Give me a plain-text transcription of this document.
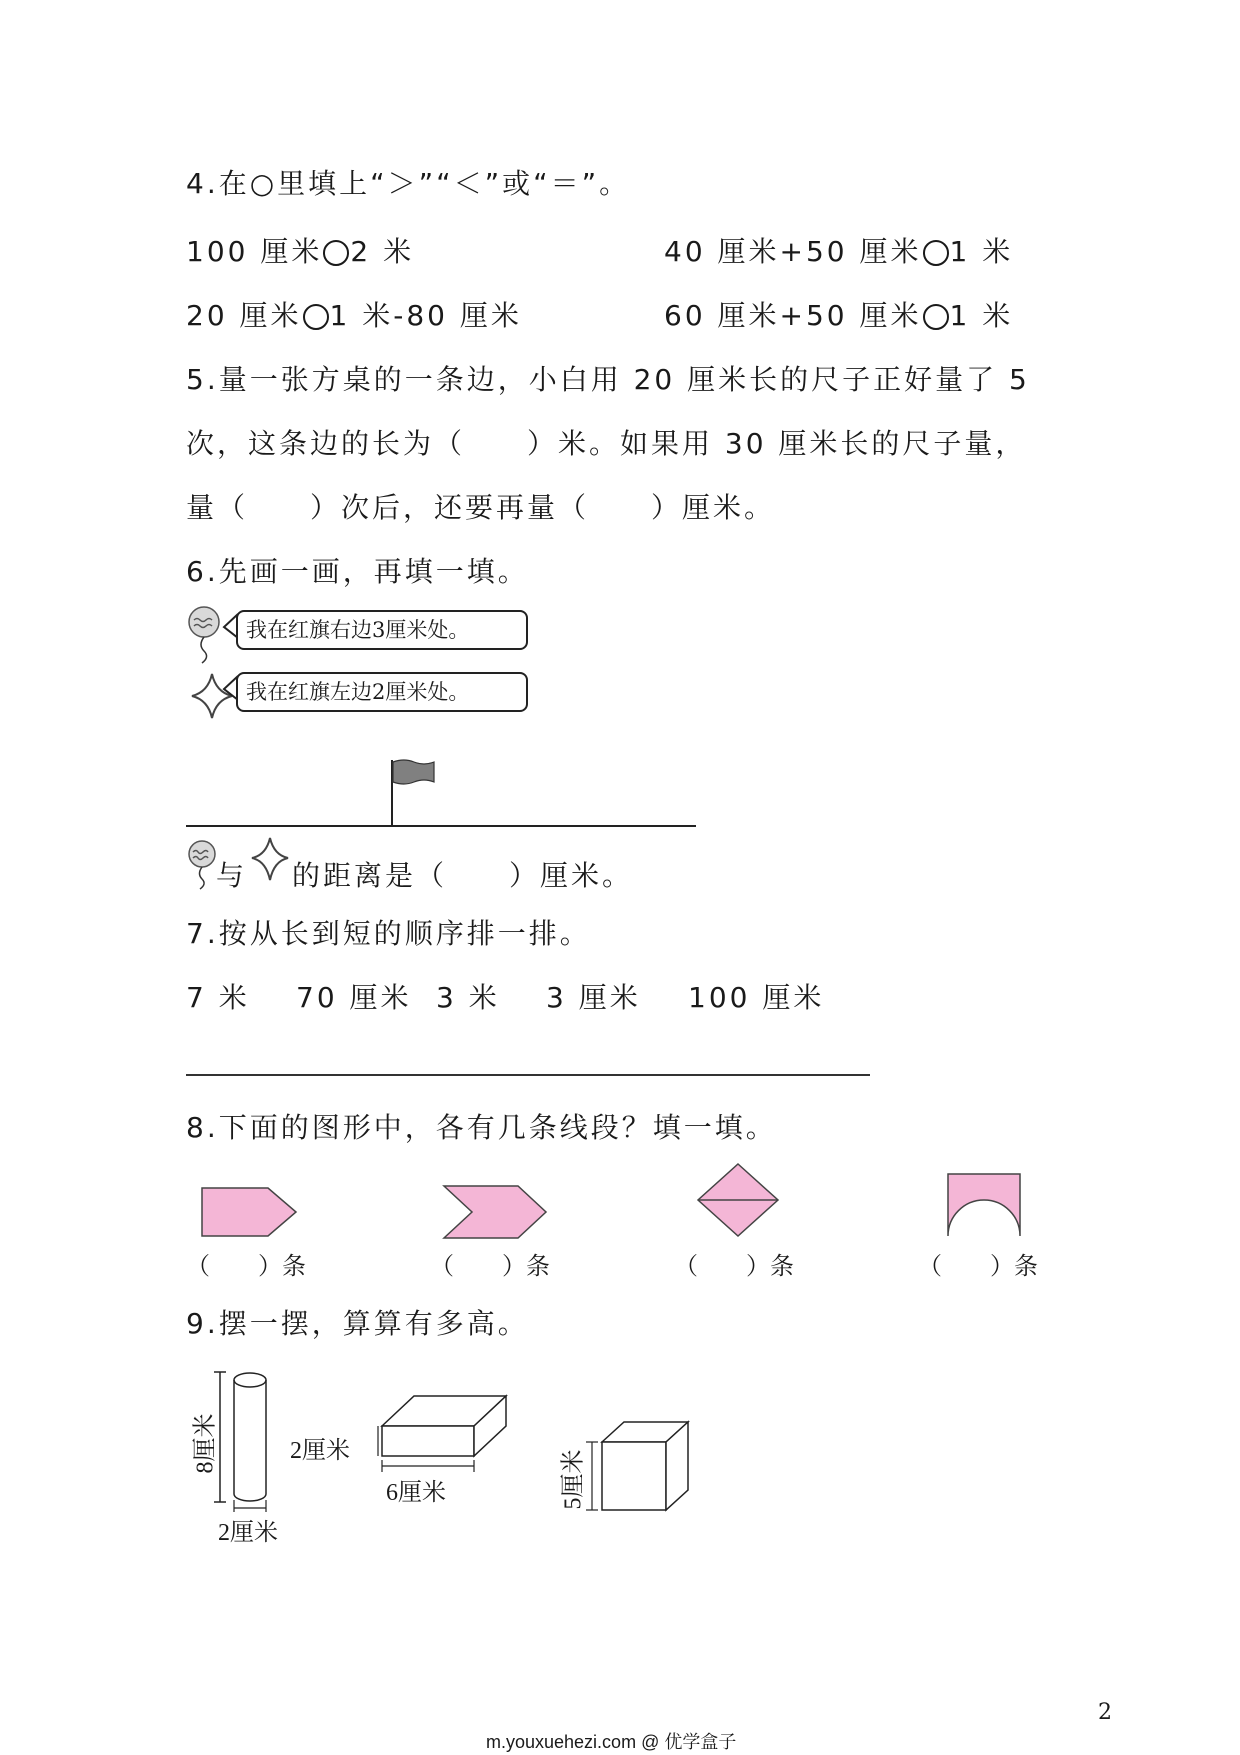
4.在○里填上“＞”“＜”或“＝”。
100 厘米 2 米	40 厘米+50 厘米 1 米
20 厘米 1 米-80 厘米	60 厘米+50 厘米 1 米
5.量一张方桌的一条边，小白用 20 厘米长的尺子正好量了 5
次，这条边的长为（　　）米。如果用 30 厘米长的尺子量，
量（　　）次后，还要再量（　　）厘米。
6.先画一画，再填一填。
我在红旗右边3厘米处。
我在红旗左边2厘米处。
与 的距离是（　　）厘米。
7.按从长到短的顺序排一排。
7 米 70 厘米 3 米 3 厘米 100 厘米
8.下面的图形中，各有几条线段？填一填。
（　　）条	（　　）条	（　　）条	（　　）条
9.摆一摆，算算有多高。
8厘米
2厘米
2厘米
6厘米	5厘米
2
m.youxuehezi.com @ 优学盒子
